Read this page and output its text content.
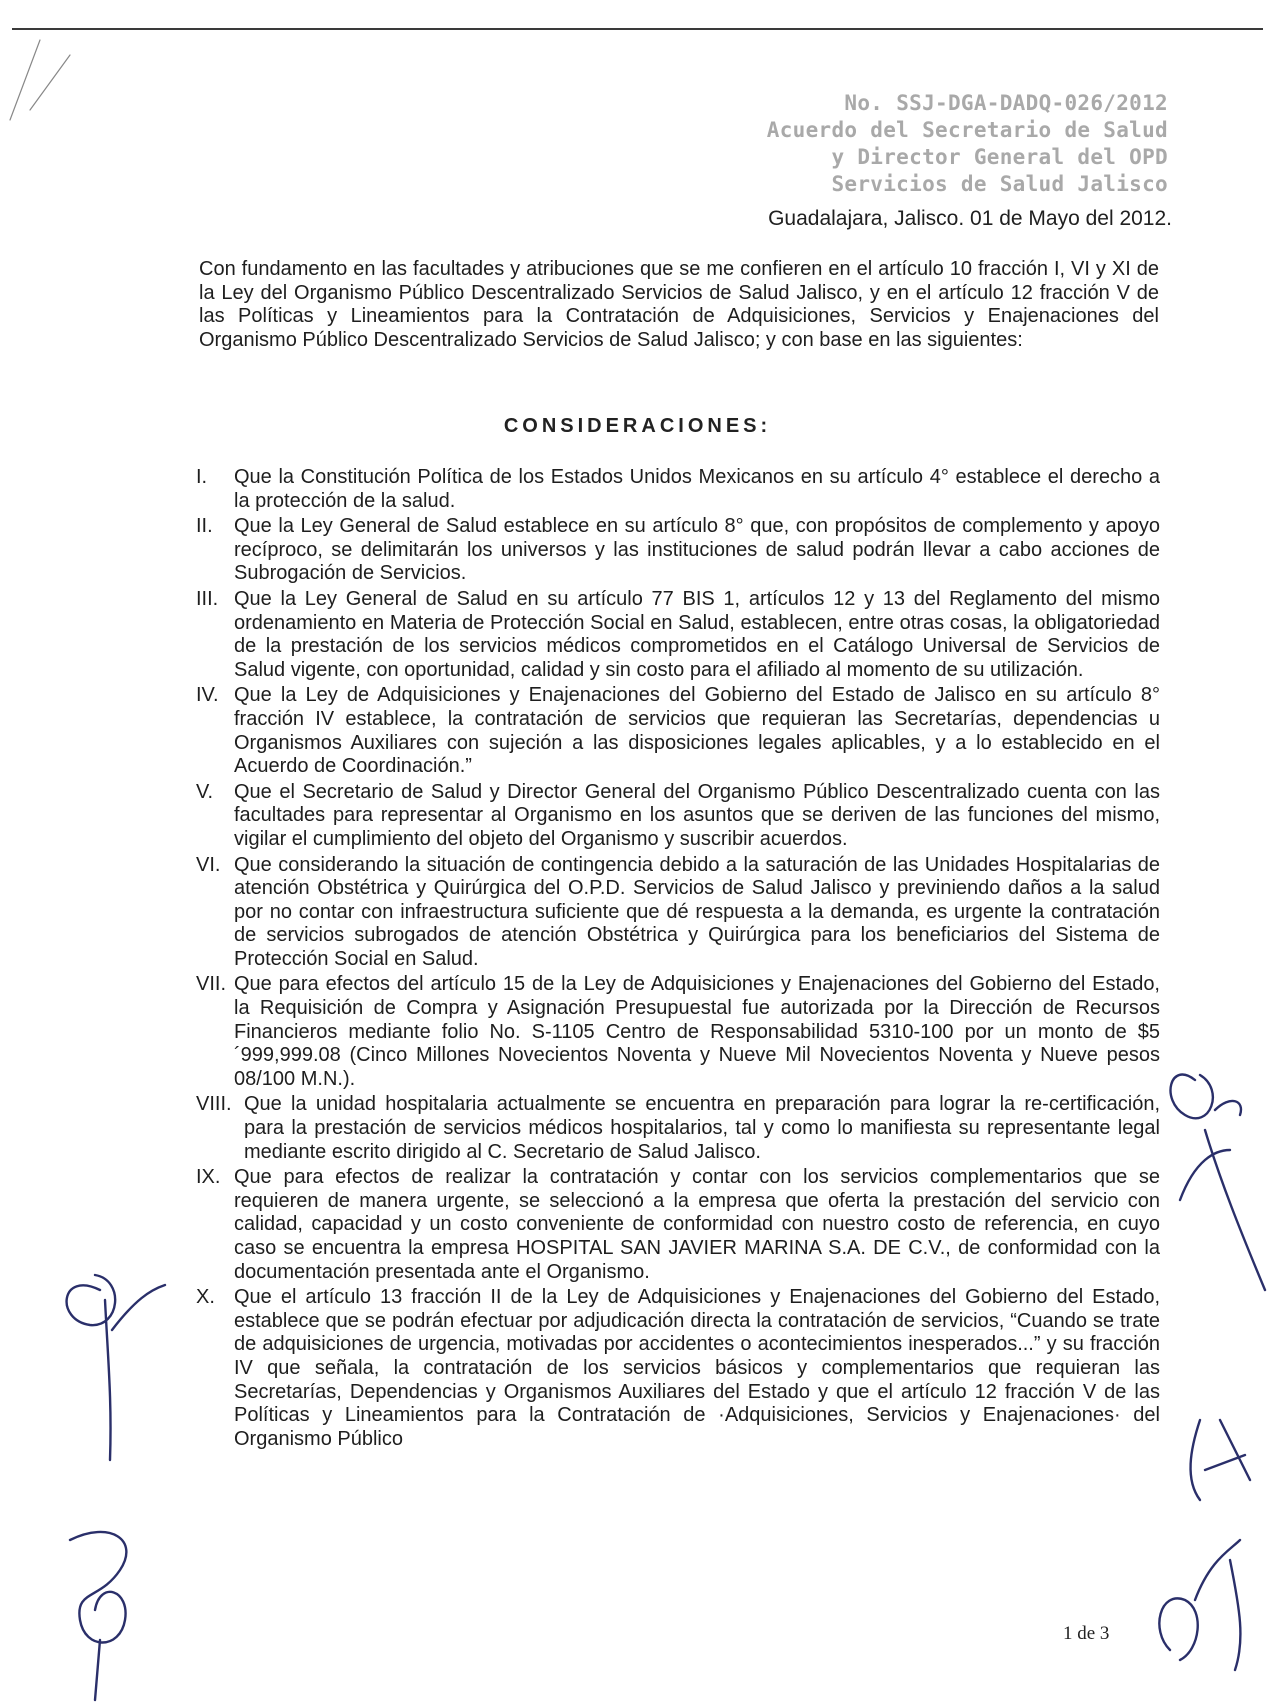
No. SSJ-DGA-DADQ-026/2012
Acuerdo del Secretario de Salud
y Director General del OPD
Servicios de Salud Jalisco
Guadalajara, Jalisco. 01 de Mayo del 2012.
Con fundamento en las facultades y atribuciones que se me confieren en el artículo 10 fracción I, VI y XI de la Ley del Organismo Público Descentralizado Servicios de Salud Jalisco, y en el artículo 12 fracción V de las Políticas y Lineamientos para la Contratación de Adquisiciones, Servicios y Enajenaciones del Organismo Público Descentralizado Servicios de Salud Jalisco; y con base en las siguientes:
CONSIDERACIONES:
I.	Que la Constitución Política de los Estados Unidos Mexicanos en su artículo 4° establece el derecho a la protección de la salud.
II.	Que la Ley General de Salud establece en su artículo 8° que, con propósitos de complemento y apoyo recíproco, se delimitarán los universos y las instituciones de salud podrán llevar a cabo acciones de Subrogación de Servicios.
III. Que la Ley General de Salud en su artículo 77 BIS 1, artículos 12 y 13 del Reglamento del mismo ordenamiento en Materia de Protección Social en Salud, establecen, entre otras cosas, la obligatoriedad de la prestación de los servicios médicos comprometidos en el Catálogo Universal de Servicios de Salud vigente, con oportunidad, calidad y sin costo para el afiliado al momento de su utilización.
IV. Que la Ley de Adquisiciones y Enajenaciones del Gobierno del Estado de Jalisco en su artículo 8° fracción IV establece, la contratación de servicios que requieran las Secretarías, dependencias u Organismos Auxiliares con sujeción a las disposiciones legales aplicables, y a lo establecido en el Acuerdo de Coordinación.”
V.	Que el Secretario de Salud y Director General del Organismo Público Descentralizado cuenta con las facultades para representar al Organismo en los asuntos que se deriven de las funciones del mismo, vigilar el cumplimiento del objeto del Organismo y suscribir acuerdos.
VI. Que considerando la situación de contingencia debido a la saturación de las Unidades Hospitalarias de atención Obstétrica y Quirúrgica del O.P.D. Servicios de Salud Jalisco y previniendo daños a la salud por no contar con infraestructura suficiente que dé respuesta a la demanda, es urgente la contratación de servicios subrogados de atención Obstétrica y Quirúrgica para los beneficiarios del Sistema de Protección Social en Salud.
VII. Que para efectos del artículo 15 de la Ley de Adquisiciones y Enajenaciones del Gobierno del Estado, la Requisición de Compra y Asignación Presupuestal fue autorizada por la Dirección de Recursos Financieros mediante folio No. S-1105 Centro de Responsabilidad 5310-100 por un monto de $5´999,999.08 (Cinco Millones Novecientos Noventa y Nueve Mil Novecientos Noventa y Nueve pesos 08/100 M.N.).
VIII. Que la unidad hospitalaria actualmente se encuentra en preparación para lograr la re-certificación, para la prestación de servicios médicos hospitalarios, tal y como lo manifiesta su representante legal mediante escrito dirigido al C. Secretario de Salud Jalisco.
IX. Que para efectos de realizar la contratación y contar con los servicios complementarios que se requieren de manera urgente, se seleccionó a la empresa que oferta la prestación del servicio con calidad, capacidad y un costo conveniente de conformidad con nuestro costo de referencia, en cuyo caso se encuentra la empresa HOSPITAL SAN JAVIER MARINA S.A. DE C.V., de conformidad con la documentación presentada ante el Organismo.
X. Que el artículo 13 fracción II de la Ley de Adquisiciones y Enajenaciones del Gobierno del Estado, establece que se podrán efectuar por adjudicación directa la contratación de servicios, “Cuando se trate de adquisiciones de urgencia, motivadas por accidentes o acontecimientos inesperados...” y su fracción IV que señala, la contratación de los servicios básicos y complementarios que requieran las Secretarías, Dependencias y Organismos Auxiliares del Estado y que el artículo 12 fracción V de las Políticas y Lineamientos para la Contratación de ·Adquisiciones, Servicios y Enajenaciones· del Organismo Público
1 de 3
